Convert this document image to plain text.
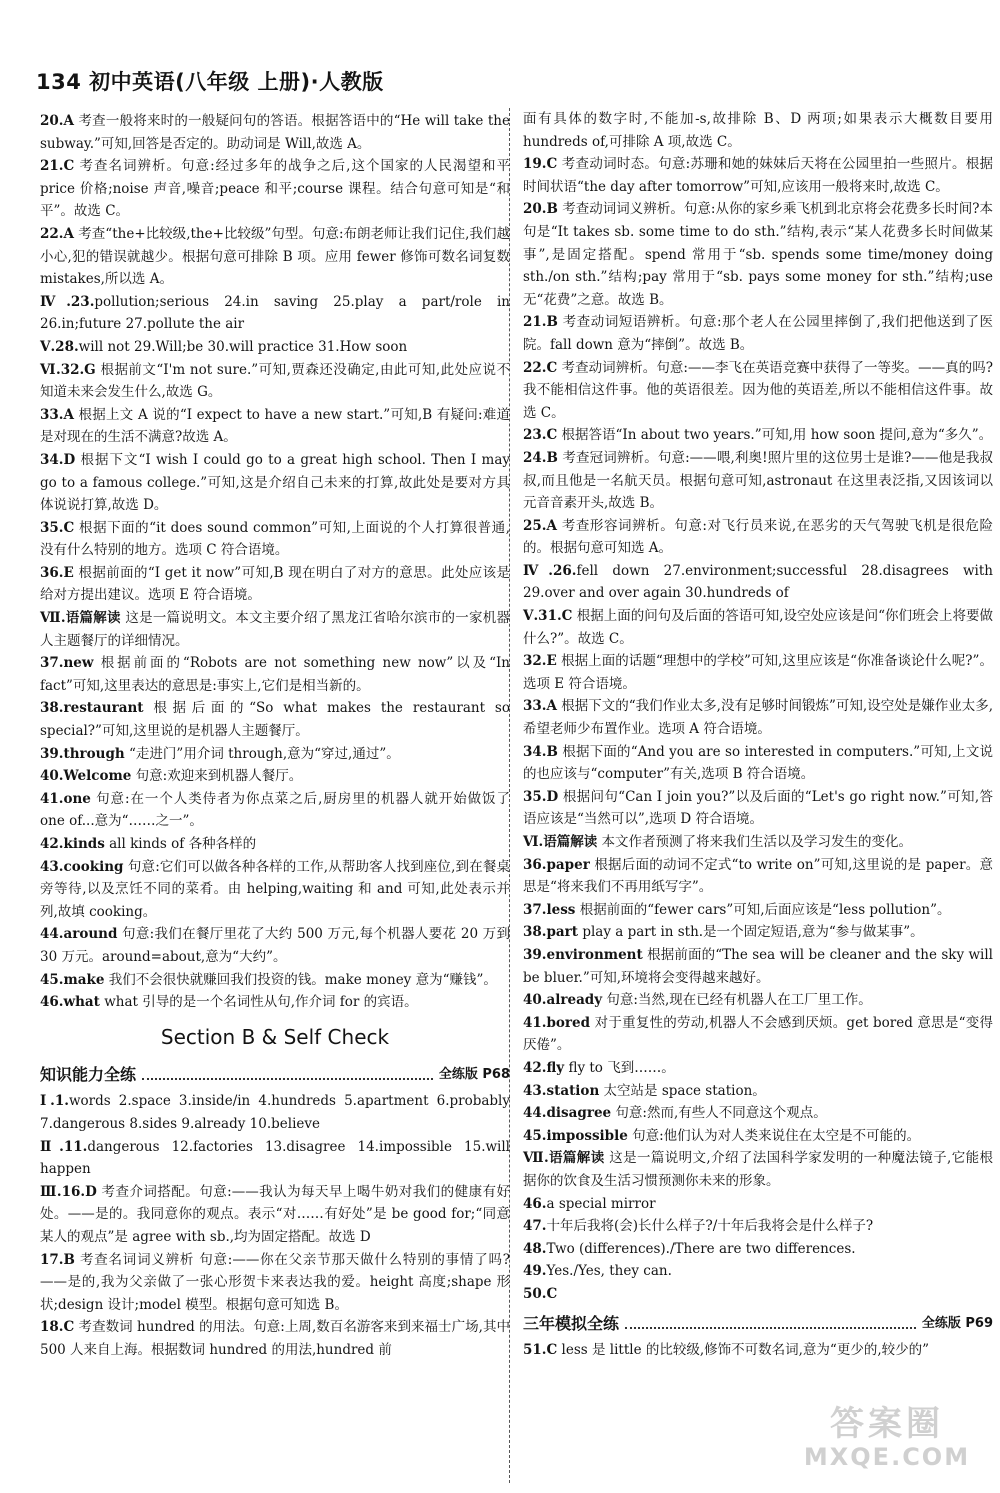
134 初中英语(八年级 上册)·人教版

20.A 考查一般将来时的一般疑问句的答语。根据答语中的“He will take the subway.”可知,回答是否定的。助动词是 Will,故选 A。

21.C 考查名词辨析。句意:经过多年的战争之后,这个国家的人民渴望和平 price 价格;noise 声音,噪音;peace 和平;course 课程。结合句意可知是“和平”。故选 C。

22.A 考查“the+比较级,the+比较级”句型。句意:布朗老师让我们记住,我们越小心,犯的错误就越少。根据句意可排除 B 项。应用 fewer 修饰可数名词复数 mistakes,所以选 A。

Ⅳ.23.pollution;serious 24.in saving 25.play a part/role in 26.in;future 27.pollute the air

Ⅴ.28.will not 29.Will;be 30.will practice 31.How soon

Ⅵ.32.G 根据前文“I'm not sure.”可知,贾森还没确定,由此可知,此处应说不知道未来会发生什么,故选 G。

33.A 根据上文 A 说的“I expect to have a new start.”可知,B 有疑问:难道是对现在的生活不满意?故选 A。

34.D 根据下文“I wish I could go to a great high school. Then I may go to a famous college.”可知,这是介绍自己未来的打算,故此处是要对方具体说说打算,故选 D。

35.C 根据下面的“it does sound common”可知,上面说的个人打算很普通,没有什么特别的地方。选项 C 符合语境。

36.E 根据前面的“I get it now”可知,B 现在明白了对方的意思。此处应该是给对方提出建议。选项 E 符合语境。

Ⅶ.语篇解读 这是一篇说明文。本文主要介绍了黑龙江省哈尔滨市的一家机器人主题餐厅的详细情况。

37.new 根据前面的“Robots are not something new now”以及“In fact”可知,这里表达的意思是:事实上,它们是相当新的。

38.restaurant 根据后面的“So what makes the restaurant so special?”可知,这里说的是机器人主题餐厅。

39.through “走进门”用介词 through,意为“穿过,通过”。

40.Welcome 句意:欢迎来到机器人餐厅。

41.one 句意:在一个人类侍者为你点菜之后,厨房里的机器人就开始做饭了 one of...意为“……之一”。

42.kinds all kinds of 各种各样的

43.cooking 句意:它们可以做各种各样的工作,从帮助客人找到座位,到在餐桌旁等待,以及烹饪不同的菜肴。由 helping,waiting 和 and 可知,此处表示并列,故填 cooking。

44.around 句意:我们在餐厅里花了大约 500 万元,每个机器人要花 20 万到 30 万元。around=about,意为“大约”。

45.make 我们不会很快就赚回我们投资的钱。make money 意为“赚钱”。

46.what what 引导的是一个名词性从句,作介词 for 的宾语。

Section B & Self Check
知识能力全练	全练版 P68

Ⅰ.1.words 2.space 3.inside/in 4.hundreds 5.apartment 6.probably 7.dangerous 8.sides 9.already 10.believe

Ⅱ.11.dangerous 12.factories 13.disagree 14.impossible 15.will happen

Ⅲ.16.D 考查介词搭配。句意:——我认为每天早上喝牛奶对我们的健康有好处。——是的。我同意你的观点。表示“对……有好处”是 be good for;“同意某人的观点”是 agree with sb.,均为固定搭配。故选 D

17.B 考查名词词义辨析 句意:——你在父亲节那天做什么特别的事情了吗?——是的,我为父亲做了一张心形贺卡来表达我的爱。height 高度;shape 形状;design 设计;model 模型。根据句意可知选 B。

18.C 考查数词 hundred 的用法。句意:上周,数百名游客来到来福士广场,其中 500 人来自上海。根据数词 hundred 的用法,hundred 前

面有具体的数字时,不能加-s,故排除 B、D 两项;如果表示大概数目要用 hundreds of,可排除 A 项,故选 C。

19.C 考查动词时态。句意:苏珊和她的妹妹后天将在公园里拍一些照片。根据时间状语“the day after tomorrow”可知,应该用一般将来时,故选 C。

20.B 考查动词词义辨析。句意:从你的家乡乘飞机到北京将会花费多长时间?本句是“It takes sb. some time to do sth.”结构,表示“某人花费多长时间做某事”,是固定搭配。spend 常用于“sb. spends some time/money doing sth./on sth.”结构;pay 常用于“sb. pays some money for sth.”结构;use 无“花费”之意。故选 B。

21.B 考查动词短语辨析。句意:那个老人在公园里摔倒了,我们把他送到了医院。fall down 意为“摔倒”。故选 B。

22.C 考查动词辨析。句意:——李飞在英语竞赛中获得了一等奖。——真的吗?我不能相信这件事。他的英语很差。因为他的英语差,所以不能相信这件事。故选 C。

23.C 根据答语“In about two years.”可知,用 how soon 提问,意为“多久”。

24.B 考查冠词辨析。句意:——喂,利奥!照片里的这位男士是谁?——他是我叔叔,而且他是一名航天员。根据句意可知,astronaut 在这里表泛指,又因该词以元音音素开头,故选 B。

25.A 考查形容词辨析。句意:对飞行员来说,在恶劣的天气驾驶飞机是很危险的。根据句意可知选 A。

Ⅳ.26.fell down 27.environment;successful 28.disagrees with 29.over and over again 30.hundreds of

Ⅴ.31.C 根据上面的问句及后面的答语可知,设空处应该是问“你们班会上将要做什么?”。故选 C。

32.E 根据上面的话题“理想中的学校”可知,这里应该是“你准备谈论什么呢?”。选项 E 符合语境。

33.A 根据下文的“我们作业太多,没有足够时间锻炼”可知,设空处是嫌作业太多,希望老师少布置作业。选项 A 符合语境。

34.B 根据下面的“And you are so interested in computers.”可知,上文说的也应该与“computer”有关,选项 B 符合语境。

35.D 根据问句“Can I join you?”以及后面的“Let's go right now.”可知,答语应该是“当然可以”,选项 D 符合语境。

Ⅵ.语篇解读 本文作者预测了将来我们生活以及学习发生的变化。

36.paper 根据后面的动词不定式“to write on”可知,这里说的是 paper。意思是“将来我们不再用纸写字”。

37.less 根据前面的“fewer cars”可知,后面应该是“less pollution”。

38.part play a part in sth.是一个固定短语,意为“参与做某事”。

39.environment 根据前面的“The sea will be cleaner and the sky will be bluer.”可知,环境将会变得越来越好。

40.already 句意:当然,现在已经有机器人在工厂里工作。

41.bored 对于重复性的劳动,机器人不会感到厌烦。get bored 意思是“变得厌倦”。

42.fly fly to 飞到……。

43.station 太空站是 space station。

44.disagree 句意:然而,有些人不同意这个观点。

45.impossible 句意:他们认为对人类来说住在太空是不可能的。

Ⅶ.语篇解读 这是一篇说明文,介绍了法国科学家发明的一种魔法镜子,它能根据你的饮食及生活习惯预测你未来的形象。

46.a special mirror

47.十年后我将(会)长什么样子?/十年后我将会是什么样子?

48.Two (differences)./There are two differences.

49.Yes./Yes, they can.

50.C

三年模拟全练	全练版 P69

51.C less 是 little 的比较级,修饰不可数名词,意为“更少的,较少的”

答案圈
MXQE.COM
